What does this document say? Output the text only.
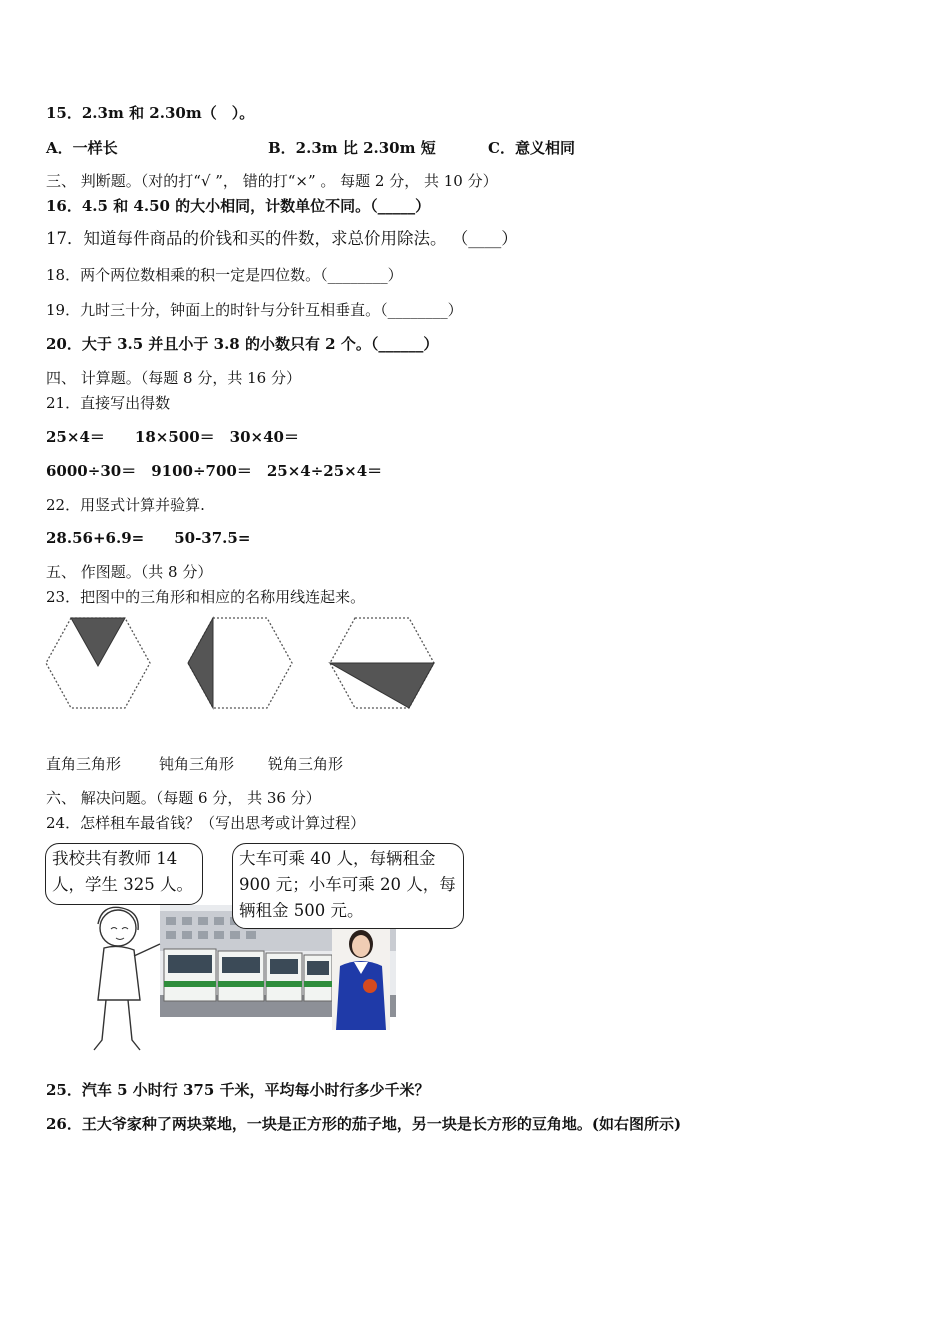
15．2.3m 和 2.30m（　）。
A．一样长	B．2.3m 比 2.30m 短	C．意义相同
三、 判断题。（对的打“√ ”， 错的打“×” 。 每题 2 分， 共 10 分）
16．4.5 和 4.50 的大小相同，计数单位不同。（_____）
17．知道每件商品的价钱和买的件数，求总价用除法。 （____）
18．两个两位数相乘的积一定是四位数。（________）
19．九时三十分，钟面上的时针与分针互相垂直。（________）
20．大于 3.5 并且小于 3.8 的小数只有 2 个。（______）
四、 计算题。（每题 8 分，共 16 分）
21．直接写出得数
25×4＝　　18×500＝　30×40＝
6000÷30＝　9100÷700＝　25×4÷25×4＝
22．用竖式计算并验算.
28.56+6.9=　　50-37.5=
五、 作图题。（共 8 分）
23．把图中的三角形和相应的名称用线连起来。
直角三角形	钝角三角形 锐角三角形
六、 解决问题。（每题 6 分， 共 36 分）
24．怎样租车最省钱？（写出思考或计算过程）
我校共有教师 14 人，学生 325 人。
大车可乘 40 人，每辆租金 900 元；小车可乘 20 人，每辆租金 500 元。
25．汽车 5 小时行 375 千米，平均每小时行多少千米？
26．王大爷家种了两块菜地，一块是正方形的茄子地，另一块是长方形的豆角地。(如右图所示)
